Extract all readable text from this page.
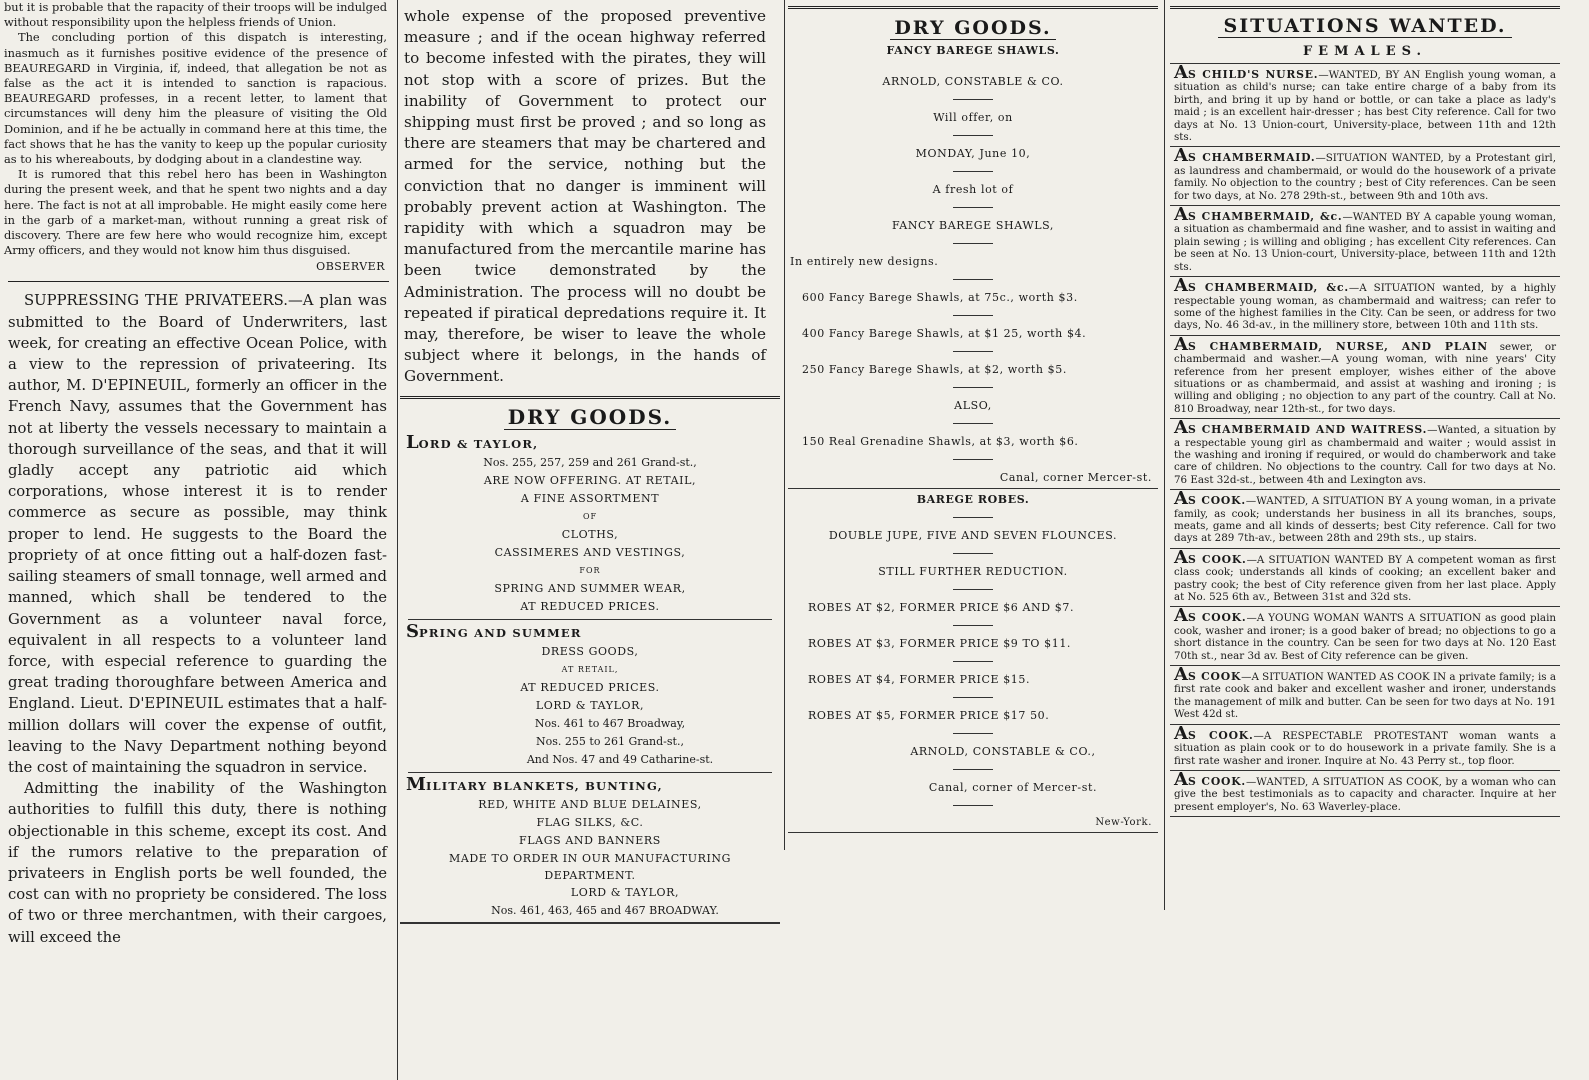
but it is probable that the rapacity of their troops will be indulged without responsibility upon the helpless friends of Union.

The concluding portion of this dispatch is interesting, inasmuch as it furnishes positive evidence of the presence of BEAUREGARD in Virginia, if, indeed, that allegation be not as false as the act it is intended to sanction is rapacious. BEAUREGARD professes, in a recent letter, to lament that circumstances will deny him the pleasure of visiting the Old Dominion, and if he be actually in command here at this time, the fact shows that he has the vanity to keep up the popular curiosity as to his whereabouts, by dodging about in a clandestine way.

It is rumored that this rebel hero has been in Washington during the present week, and that he spent two nights and a day here. The fact is not at all improbable. He might easily come here in the garb of a market-man, without running a great risk of discovery. There are few here who would recognize him, except Army officers, and they would not know him thus disguised.

OBSERVER

SUPPRESSING THE PRIVATEERS.—A plan was submitted to the Board of Underwriters, last week, for creating an effective Ocean Police, with a view to the repression of privateering. Its author, M. D'EPINEUIL, formerly an officer in the French Navy, assumes that the Government has not at liberty the vessels necessary to maintain a thorough surveillance of the seas, and that it will gladly accept any patriotic aid which corporations, whose interest it is to render commerce as secure as possible, may think proper to lend. He suggests to the Board the propriety of at once fitting out a half-dozen fast-sailing steamers of small tonnage, well armed and manned, which shall be tendered to the Government as a volunteer naval force, equivalent in all respects to a volunteer land force, with especial reference to guarding the great trading thoroughfare between America and England. Lieut. D'EPINEUIL estimates that a half-million dollars will cover the expense of outfit, leaving to the Navy Department nothing beyond the cost of maintaining the squadron in service.

Admitting the inability of the Washington authorities to fulfill this duty, there is nothing objectionable in this scheme, except its cost. And if the rumors relative to the preparation of privateers in English ports be well founded, the cost can with no propriety be considered. The loss of two or three merchantmen, with their cargoes, will exceed the

whole expense of the proposed preventive measure ; and if the ocean highway referred to become infested with the pirates, they will not stop with a score of prizes. But the inability of Government to protect our shipping must first be proved ; and so long as there are steamers that may be chartered and armed for the service, nothing but the conviction that no danger is imminent will probably prevent action at Washington. The rapidity with which a squadron may be manufactured from the mercantile marine has been twice demonstrated by the Administration. The process will no doubt be repeated if piratical depredations require it. It may, therefore, be wiser to leave the whole subject where it belongs, in the hands of Government.
DRY GOODS.
LORD & TAYLOR,
Nos. 255, 257, 259 and 261 Grand-st.,
ARE NOW OFFERING. AT RETAIL,
A FINE ASSORTMENT
OF
CLOTHS,
CASSIMERES AND VESTINGS,
FOR
SPRING AND SUMMER WEAR,
AT REDUCED PRICES.
SPRING AND SUMMER
DRESS GOODS,
AT RETAIL,
AT REDUCED PRICES.
LORD & TAYLOR,
Nos. 461 to 467 Broadway,
Nos. 255 to 261 Grand-st.,
And Nos. 47 and 49 Catharine-st.
MILITARY BLANKETS, BUNTING,
RED, WHITE AND BLUE DELAINES,
FLAG SILKS, &C.
FLAGS AND BANNERS
MADE TO ORDER IN OUR MANUFACTURING DEPARTMENT.
LORD & TAYLOR,
Nos. 461, 463, 465 and 467 BROADWAY.
DRY GOODS.
FANCY BAREGE SHAWLS.
ARNOLD, CONSTABLE & CO.
Will offer, on
MONDAY, June 10,
A fresh lot of
FANCY BAREGE SHAWLS,
In entirely new designs.
600 Fancy Barege Shawls, at 75c., worth $3.
400 Fancy Barege Shawls, at $1 25, worth $4.
250 Fancy Barege Shawls, at $2, worth $5.
ALSO,
150 Real Grenadine Shawls, at $3, worth $6.
Canal, corner Mercer-st.
BAREGE ROBES.
DOUBLE JUPE, FIVE AND SEVEN FLOUNCES.
STILL FURTHER REDUCTION.
ROBES AT $2, FORMER PRICE $6 AND $7.
ROBES AT $3, FORMER PRICE $9 TO $11.
ROBES AT $4, FORMER PRICE $15.
ROBES AT $5, FORMER PRICE $17 50.
ARNOLD, CONSTABLE & CO.,
Canal, corner of Mercer-st.
New-York.
SITUATIONS WANTED.
FEMALES.
AS CHILD'S NURSE.—WANTED, BY AN English young woman, a situation as child's nurse; can take entire charge of a baby from its birth, and bring it up by hand or bottle, or can take a place as lady's maid ; is an excellent hair-dresser ; has best City reference. Call for two days at No. 13 Union-court, University-place, between 11th and 12th sts.
AS CHAMBERMAID.—SITUATION WANTED, by a Protestant girl, as laundress and chambermaid, or would do the housework of a private family. No objection to the country ; best of City references. Can be seen for two days, at No. 278 29th-st., between 9th and 10th avs.
AS CHAMBERMAID, &c.—WANTED BY A capable young woman, a situation as chambermaid and fine washer, and to assist in waiting and plain sewing ; is willing and obliging ; has excellent City references. Can be seen at No. 13 Union-court, University-place, between 11th and 12th sts.
AS CHAMBERMAID, &c.—A SITUATION wanted, by a highly respectable young woman, as chambermaid and waitress; can refer to some of the highest families in the City. Can be seen, or address for two days, No. 46 3d-av., in the millinery store, between 10th and 11th sts.
AS CHAMBERMAID, NURSE, AND PLAIN sewer, or chambermaid and washer.—A young woman, with nine years' City reference from her present employer, wishes either of the above situations or as chambermaid, and assist at washing and ironing ; is willing and obliging ; no objection to any part of the country. Call at No. 810 Broadway, near 12th-st., for two days.
AS CHAMBERMAID AND WAITRESS.—Wanted, a situation by a respectable young girl as chambermaid and waiter ; would assist in the washing and ironing if required, or would do chamberwork and take care of children. No objections to the country. Call for two days at No. 76 East 32d-st., between 4th and Lexington avs.
AS COOK.—WANTED, A SITUATION BY A young woman, in a private family, as cook; understands her business in all its branches, soups, meats, game and all kinds of desserts; best City reference. Call for two days at 289 7th-av., between 28th and 29th sts., up stairs.
AS COOK.—A SITUATION WANTED BY A competent woman as first class cook; understands all kinds of cooking; an excellent baker and pastry cook; the best of City reference given from her last place. Apply at No. 525 6th av., Between 31st and 32d sts.
AS COOK.—A YOUNG WOMAN WANTS A SITUATION as good plain cook, washer and ironer; is a good baker of bread; no objections to go a short distance in the country. Can be seen for two days at No. 120 East 70th st., near 3d av. Best of City reference can be given.
AS COOK—A SITUATION WANTED AS COOK IN a private family; is a first rate cook and baker and excellent washer and ironer, understands the management of milk and butter. Can be seen for two days at No. 191 West 42d st.
AS COOK.—A RESPECTABLE PROTESTANT woman wants a situation as plain cook or to do housework in a private family. She is a first rate washer and ironer. Inquire at No. 43 Perry st., top floor.
AS COOK.—WANTED, A SITUATION AS COOK, by a woman who can give the best testimonials as to capacity and character. Inquire at her present employer's, No. 63 Waverley-place.
